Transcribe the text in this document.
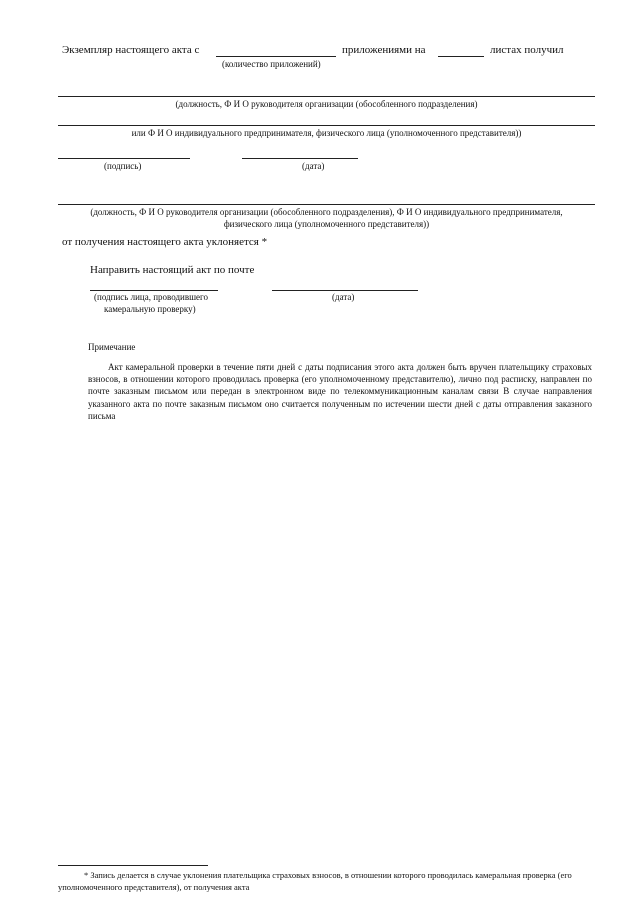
Экземпляр настоящего акта с	приложениями на	листах получил
(количество приложений)
(должность, Ф И О руководителя организации (обособленного подразделения)
или Ф И О индивидуального предпринимателя, физического лица (уполномоченного представителя))
(подпись)	(дата)
(должность, Ф И О руководителя организации (обособленного подразделения), Ф И О индивидуального предпринимателя,
физического лица (уполномоченного представителя))
от получения настоящего акта уклоняется *
Направить настоящий акт по почте
(подпись лица, проводившего
камеральную проверку)
(дата)
Примечание
Акт камеральной проверки в течение пяти дней с даты подписания этого акта должен быть вручен плательщику страховых взносов, в отношении которого проводилась проверка (его уполномоченному представителю), лично под расписку, направлен по почте заказным письмом или передан в электронном виде по телекоммуникационным каналам связи В случае направления указанного акта по почте заказным письмом оно считается полученным по истечении шести дней с даты отправления заказного письма
* Запись делается в случае уклонения плательщика страховых взносов, в отношении которого проводилась камеральная проверка (его уполномоченного представителя), от получения акта
